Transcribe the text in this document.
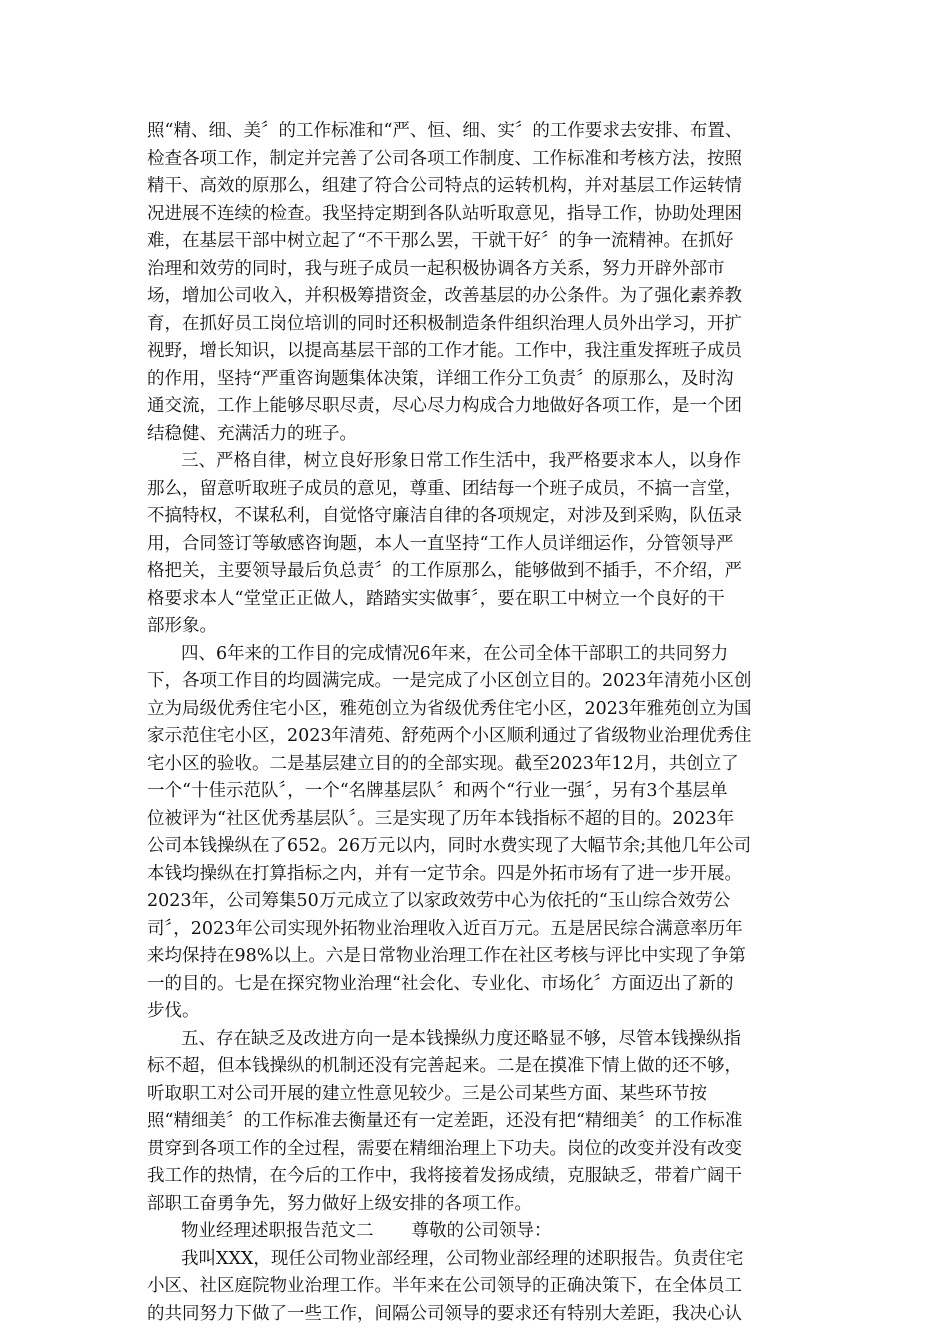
照“精、细、美〞的工作标准和“严、恒、细、实〞的工作要求去安排、布置、
检查各项工作，制定并完善了公司各项工作制度、工作标准和考核方法，按照
精干、高效的原那么，组建了符合公司特点的运转机构，并对基层工作运转情
况进展不连续的检查。我坚持定期到各队站听取意见，指导工作，协助处理困
难，在基层干部中树立起了“不干那么罢，干就干好〞的争一流精神。在抓好
治理和效劳的同时，我与班子成员一起积极协调各方关系，努力开辟外部市
场，增加公司收入，并积极筹措资金，改善基层的办公条件。为了强化素养教
育，在抓好员工岗位培训的同时还积极制造条件组织治理人员外出学习，开扩
视野，增长知识，以提高基层干部的工作才能。工作中，我注重发挥班子成员
的作用，坚持“严重咨询题集体决策，详细工作分工负责〞的原那么，及时沟
通交流，工作上能够尽职尽责，尽心尽力构成合力地做好各项工作，是一个团
结稳健、充满活力的班子。
三、严格自律，树立良好形象日常工作生活中，我严格要求本人，以身作
那么，留意听取班子成员的意见，尊重、团结每一个班子成员，不搞一言堂，
不搞特权，不谋私利，自觉恪守廉洁自律的各项规定，对涉及到采购，队伍录
用，合同签订等敏感咨询题，本人一直坚持“工作人员详细运作，分管领导严
格把关，主要领导最后负总责〞的工作原那么，能够做到不插手，不介绍，严
格要求本人“堂堂正正做人，踏踏实实做事〞，要在职工中树立一个良好的干
部形象。
四、6年来的工作目的完成情况6年来，在公司全体干部职工的共同努力
下，各项工作目的均圆满完成。一是完成了小区创立目的。2023年清苑小区创
立为局级优秀住宅小区，雅苑创立为省级优秀住宅小区，2023年雅苑创立为国
家示范住宅小区，2023年清苑、舒苑两个小区顺利通过了省级物业治理优秀住
宅小区的验收。二是基层建立目的的全部实现。截至2023年12月，共创立了
一个“十佳示范队〞，一个“名牌基层队〞和两个“行业一强〞，另有3个基层单
位被评为“社区优秀基层队〞。三是实现了历年本钱指标不超的目的。2023年
公司本钱操纵在了652。26万元以内，同时水费实现了大幅节余;其他几年公司
本钱均操纵在打算指标之内，并有一定节余。四是外拓市场有了进一步开展。
2023年，公司筹集50万元成立了以家政效劳中心为依托的“玉山综合效劳公
司〞，2023年公司实现外拓物业治理收入近百万元。五是居民综合满意率历年
来均保持在98%以上。六是日常物业治理工作在社区考核与评比中实现了争第
一的目的。七是在探究物业治理“社会化、专业化、市场化〞方面迈出了新的
步伐。
五、存在缺乏及改进方向一是本钱操纵力度还略显不够，尽管本钱操纵指
标不超，但本钱操纵的机制还没有完善起来。二是在摸准下情上做的还不够，
听取职工对公司开展的建立性意见较少。三是公司某些方面、某些环节按
照“精细美〞的工作标准去衡量还有一定差距，还没有把“精细美〞的工作标准
贯穿到各项工作的全过程，需要在精细治理上下功夫。岗位的改变并没有改变
我工作的热情，在今后的工作中，我将接着发扬成绩，克服缺乏，带着广阔干
部职工奋勇争先，努力做好上级安排的各项工作。
物业经理述职报告范文二 尊敬的公司领导：
我叫XXX，现任公司物业部经理，公司物业部经理的述职报告。负责住宅
小区、社区庭院物业治理工作。半年来在公司领导的正确决策下，在全体员工
的共同努力下做了一些工作，间隔公司领导的要求还有特别大差距，我决心认
